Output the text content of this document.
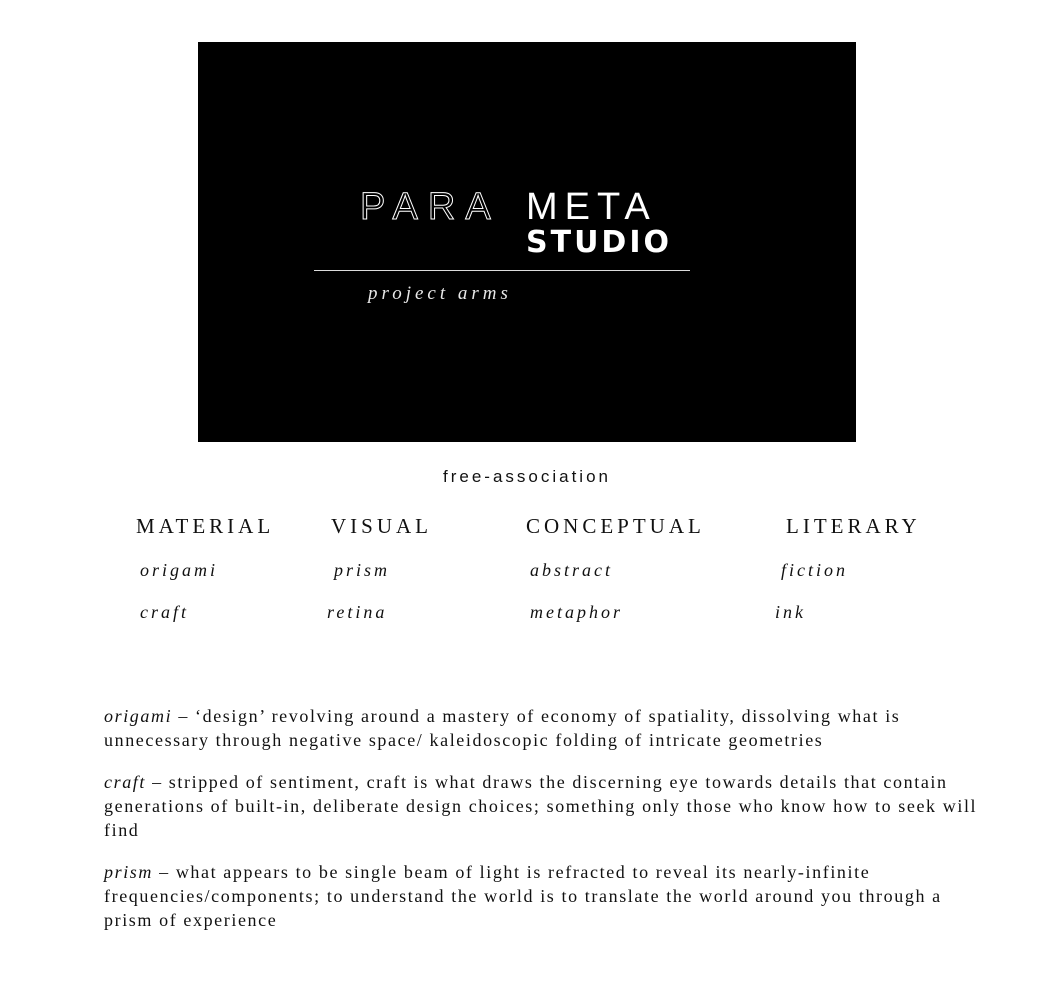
PARA META
STUDIO
project arms
free-association
MATERIAL	VISUAL	CONCEPTUAL	LITERARY
origami	prism	abstract	fiction
craft	retina	metaphor	ink

origami – ‘design’ revolving around a mastery of economy of spatiality, dissolving what is unnecessary through negative space/ kaleidoscopic folding of intricate geometries

craft – stripped of sentiment, craft is what draws the discerning eye towards details that contain generations of built-in, deliberate design choices; something only those who know how to seek will find

prism – what appears to be single beam of light is refracted to reveal its nearly-infinite frequencies/components; to understand the world is to translate the world around you through a prism of experience
